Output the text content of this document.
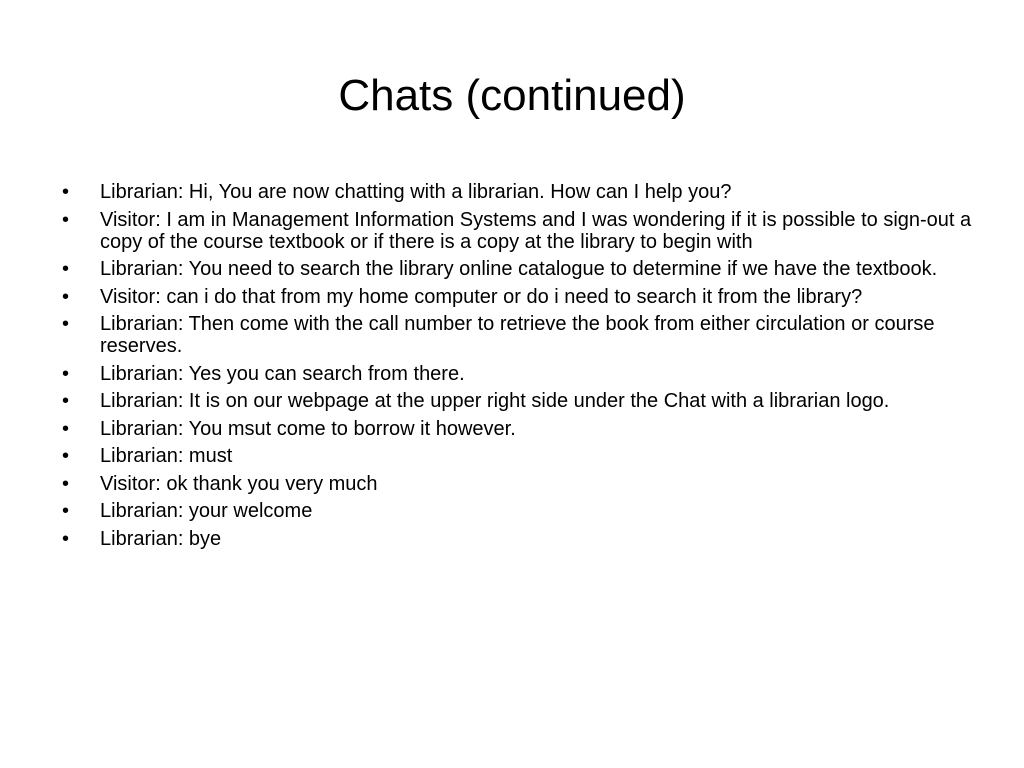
Chats (continued)
•	Librarian: Hi, You are now chatting with a librarian. How can I help you?
•	Visitor: I am in Management Information Systems and I was wondering if it is possible to sign-out a copy of the course textbook or if there is a copy at the library to begin with
•	Librarian: You need to search the library online catalogue to determine if we have the textbook.
•	Visitor: can i do that from my home computer or do i need to search it from the library?
•	Librarian: Then come with the call number to retrieve the book from either circulation or course reserves.
•	Librarian: Yes you can search from there.
•	Librarian: It is on our webpage at the upper right side under the Chat with a librarian logo.
•	Librarian: You msut come to borrow it however.
•	Librarian: must
•	Visitor: ok thank you very much
•	Librarian: your welcome
•	Librarian: bye
